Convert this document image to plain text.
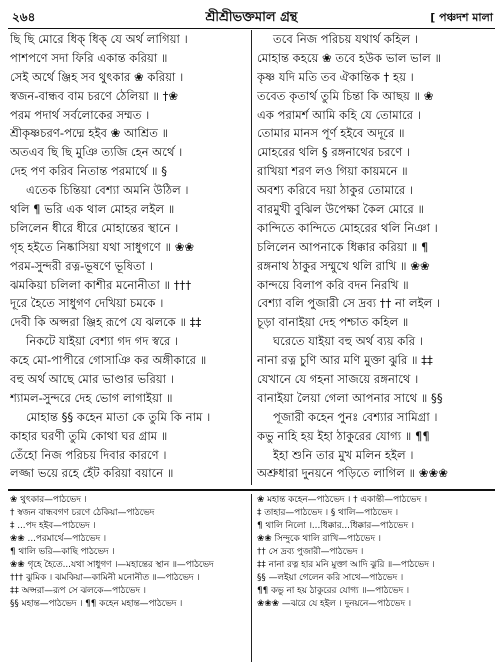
২৬৪	শ্রীশ্রীভক্তমাল গ্রন্থ	[ পঞ্চদশ মালা
ছি ছি মোরে ধিক্ ধিক্ যে অর্থ লাগিয়া ।
পাশপণে সদা ফিরি একান্ত করিয়া ॥
সেই অর্থে ঞ্জিহ সব থুৎকার ❀ করিয়া ।
স্বজন-বান্ধব বাম চরণে ঠেলিয়া ॥ †❀
পরম পদার্থ সর্বলোকের সম্মত ।
শ্রীকৃষ্ণচরণ-পদ্মে হইব ❀ আশ্রিত ॥
অতএব ছি ছি মুঞি ত্যজি হেন অর্থে ।
দেহ পণ করিব নিতান্ত পরমার্থে ॥ §
এতেক চিন্তিয়া বেশ্যা অমনি উঠিল ।
থলি ¶ ভরি এক থাল মোহর লইল ॥
চলিলেন ধীরে ধীরে মোহান্তের স্থানে ।
গৃহ হইতে নিষ্কাসিয়া যথা সাধুগণে ॥ ❀❀
পরম-সুন্দরী রত্ন-ভূষণে ভূষিতা ।
ঝমকিয়া চলিলা কাশীর মনোনীতা ॥ †††
দূরে হৈতে সাধুগণ দেখিয়া চমকে ।
দেবী কি অপ্সরা ঞ্জিহ রূপে যে ঝলকে ॥ ‡‡
নিকটে যাইয়া বেশ্যা গদ গদ স্বরে ।
কহে মো-পাপীরে গোসাঞি কর অঙ্গীকারে ॥
বহু অর্থ আছে মোর ভাণ্ডার ভরিয়া ।
শ্যামল-সুন্দরে দেহ ভোগ লাগাইয়া ॥
মোহান্ত §§ কহেন মাতা কে তুমি কি নাম ।
কাহার ঘরণী তুমি কোথা ঘর গ্রাম ॥
তেঁহো নিজ পরিচয় দিবার কারণে ।
লজ্জা ভয়ে রহে হেঁট করিয়া বয়ানে ॥
তবে নিজ পরিচয় যথার্থ কহিল ।
মোহান্ত কহয়ে ❀ তবে হউক ভাল ভাল ॥
কৃষ্ণ যদি মতি তব ঐকান্তিক † হয় ।
তবেত কৃতার্থ তুমি চিন্তা কি আছয় ॥ ❀
এক পরামর্শ আমি কহি যে তোমারে ।
তোমার মানস পূর্ণ হইবে অদূরে ॥
মোহরের থলি § রঙ্গনাথের চরণে ।
রাখিয়া শরণ লও গিয়া কায়মনে ॥
অবশ্য করিবে দয়া ঠাকুর তোমারে ।
বারমুখী বুঝিল উপেক্ষা কৈল মোরে ॥
কান্দিতে কান্দিতে মোহরের থলি নিঞা ।
চলিলেন আপনাকে ধিক্কার করিয়া ॥ ¶
রঙ্গনাথ ঠাকুর সম্মুখে থলি রাখি ॥ ❀❀
কান্দয়ে বিলাপ করি বদন নিরখি ॥
বেশ্যা বলি পুজারী সে দ্রব্য †† না লইল ।
চূড়া বানাইয়া দেহ পশ্চাত কহিল ॥
ঘরেতে যাইয়া বহু অর্থ ব্যয় করি ।
নানা রত্ন চুণি আর মণি মুক্তা ঝুরি ॥ ‡‡
যেখানে যে গহনা সাজয়ে রঙ্গনাথে ।
বানাইয়া লৈয়া গেলা আপনার সাথে ॥ §§
পূজারী কহেন পুনঃ বেশ্যার সামিগ্রা ।
কভু নাহি হয় ইহা ঠাকুরের যোগ্য ॥ ¶¶
ইহা শুনি তার মুখ মলিন হইল ।
অশ্রুধারা দুনয়নে পড়িতে লাগিল ॥ ❀❀❀
❀ থুৎকার—পাঠভেদ ।
† স্বজন বান্ধবগণ চরণে ঠেকিয়া—পাঠভেদ
‡ ...পদ হইব—পাঠভেদ ।
❀❀ ...পরমার্থে—পাঠভেদ ।
¶ থালি ভরি—কাছি পাঠভেদ ।
❀❀ গৃহে হৈতে...যথা সাধুগণ ।—মহান্তের স্থান ॥—পাঠভেদ
††† ঝুমিক । ঝমকিয়া—কামিনী মনোনীত ॥—পাঠভেদ ।
‡‡ অপ্সরা—রূপ সে ঝলকে—পাঠভেদ ।
§§ মহান্ত—পাঠভেদ । ¶¶ কহেন মহান্ত—পাঠভেদ ।
❀ মহান্ত কহেন—পাঠভেদ । † একান্তী—পাঠভেদ ।
‡ তাহার—পাঠভেদ । § থালি—পাঠভেদ ।
¶ থালি নিলো ।...ধিক্কার...ধিক্কার—পাঠভেদ ।
❀❀ সিন্দুকে থালি রাখি—পাঠভেদ ।
†† সে দ্রব্য পুজারী—পাঠভেদ ।
‡‡ নানা রত্ন হার মনি মুক্তা আদি ঝুরি ॥—পাঠভেদ ।
§§ —লইয়া গেলেন করি সাথে—পাঠভেদ ।
¶¶ কভু না হয় ঠাকুরের যোগ্য ॥—পাঠভেদ ।
❀❀❀ —ঝরে যে হইল । দুনয়নে—পাঠভেদ ।
